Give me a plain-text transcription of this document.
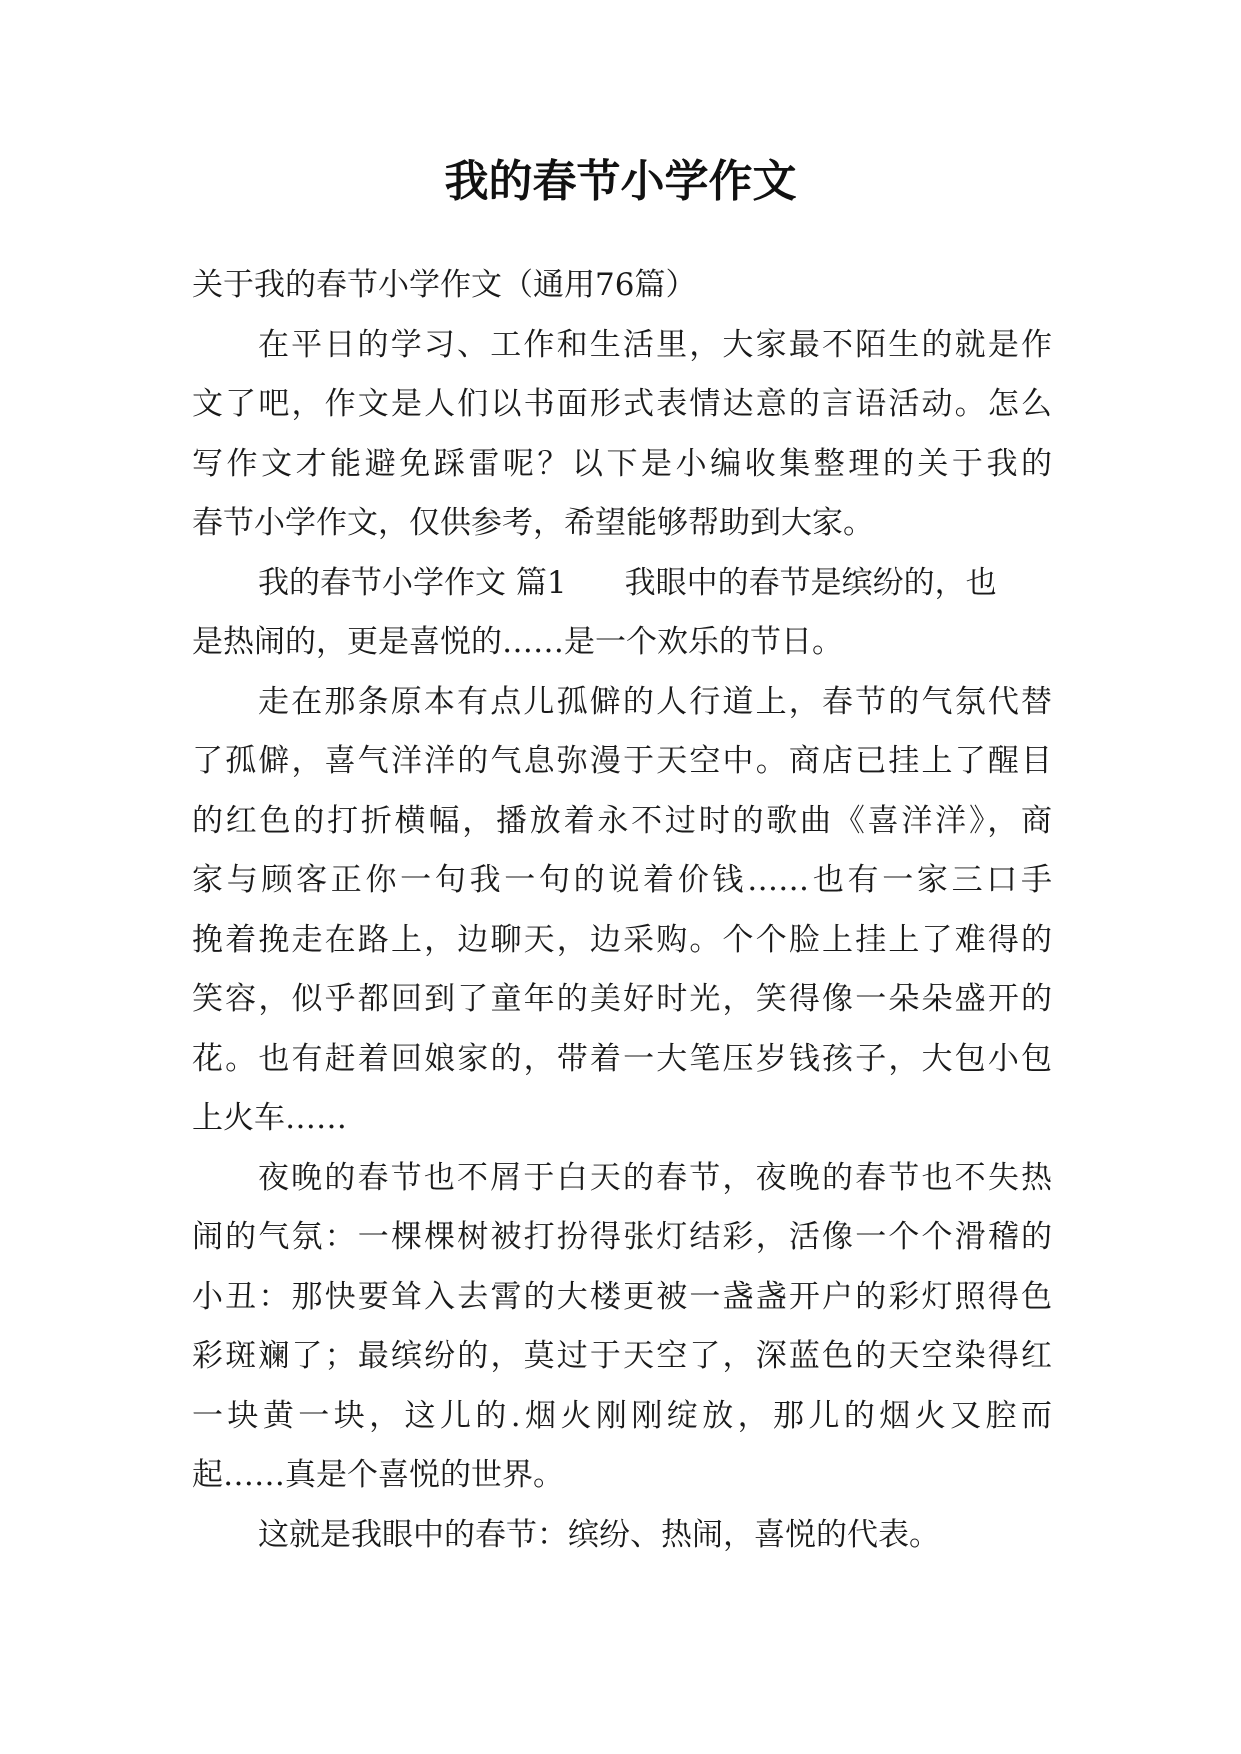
我的春节小学作文
关于我的春节小学作文（通用76篇）
在平日的学习、工作和生活里，大家最不陌生的就是作
文了吧，作文是人们以书面形式表情达意的言语活动。怎么
写作文才能避免踩雷呢？以下是小编收集整理的关于我的
春节小学作文，仅供参考，希望能够帮助到大家。
我的春节小学作文 篇1 我眼中的春节是缤纷的，也
是热闹的，更是喜悦的……是一个欢乐的节日。
走在那条原本有点儿孤僻的人行道上，春节的气氛代替
了孤僻，喜气洋洋的气息弥漫于天空中。商店已挂上了醒目
的红色的打折横幅，播放着永不过时的歌曲《喜洋洋》，商
家与顾客正你一句我一句的说着价钱……也有一家三口手
挽着挽走在路上，边聊天，边采购。个个脸上挂上了难得的
笑容，似乎都回到了童年的美好时光，笑得像一朵朵盛开的
花。也有赶着回娘家的，带着一大笔压岁钱孩子，大包小包
上火车……
夜晚的春节也不屑于白天的春节，夜晚的春节也不失热
闹的气氛：一棵棵树被打扮得张灯结彩，活像一个个滑稽的
小丑：那快要耸入去霄的大楼更被一盏盏开户的彩灯照得色
彩斑斓了；最缤纷的，莫过于天空了，深蓝色的天空染得红
一块黄一块，这儿的.烟火刚刚绽放，那儿的烟火又腔而
起……真是个喜悦的世界。
这就是我眼中的春节：缤纷、热闹，喜悦的代表。
